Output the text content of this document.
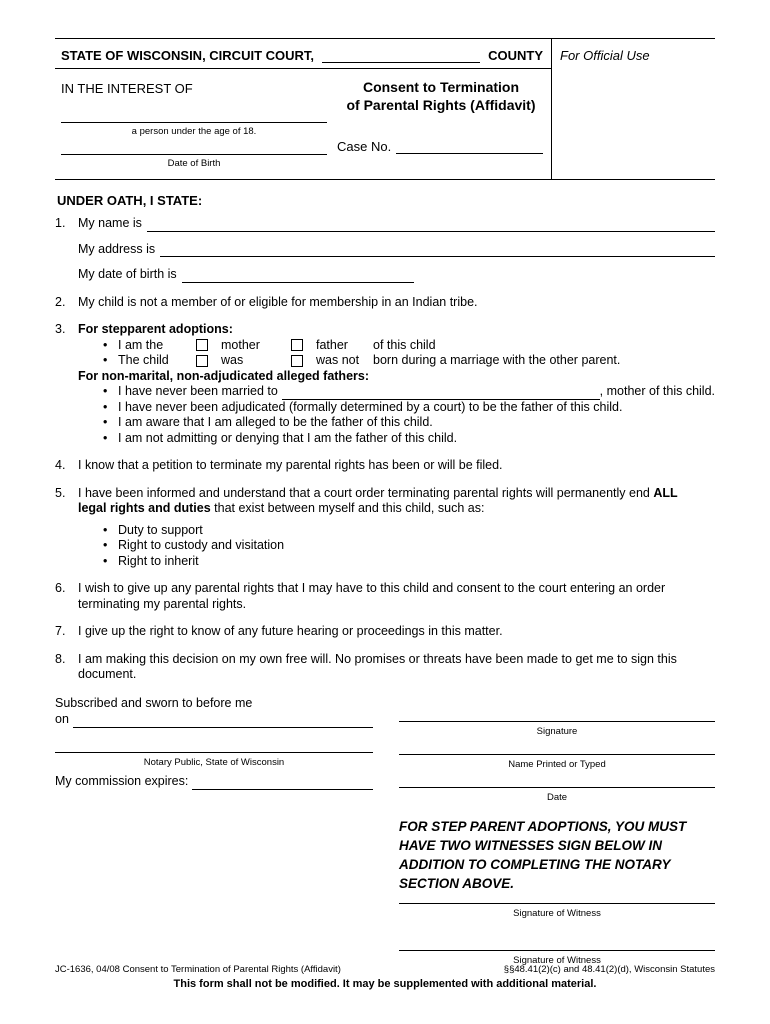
STATE OF WISCONSIN, CIRCUIT COURT,	COUNTY
IN THE INTEREST OF
a person under the age of 18.
Date of Birth
Consent to Termination
of Parental Rights (Affidavit)
Case No.
For Official Use
UNDER OATH, I STATE:
1.	My name is
My address is
My date of birth is
2.	My child is not a member of or eligible for membership in an Indian tribe.
3.	For stepparent adoptions:
• I am the	mother	father	of this child
• The child	was	was not	born during a marriage with the other parent.
For non-marital, non-adjudicated alleged fathers:
• I have never been married to	, mother of this child.
• I have never been adjudicated (formally determined by a court) to be the father of this child.
• I am aware that I am alleged to be the father of this child.
• I am not admitting or denying that I am the father of this child.
4.	I know that a petition to terminate my parental rights has been or will be filed.
5.	I have been informed and understand that a court order terminating parental rights will permanently end ALL
legal rights and duties that exist between myself and this child, such as:
• Duty to support
• Right to custody and visitation
• Right to inherit
6.	I wish to give up any parental rights that I may have to this child and consent to the court entering an order terminating my parental rights.
7.	I give up the right to know of any future hearing or proceedings in this matter.
8.	I am making this decision on my own free will. No promises or threats have been made to get me to sign this document.
Subscribed and sworn to before me
on
Notary Public, State of Wisconsin
My commission expires:
Signature
Name Printed or Typed
Date
FOR STEP PARENT ADOPTIONS, YOU MUST HAVE TWO WITNESSES SIGN BELOW IN ADDITION TO COMPLETING THE NOTARY SECTION ABOVE.
Signature of Witness
Signature of Witness
JC-1636, 04/08 Consent to Termination of Parental Rights (Affidavit)	§§48.41(2)(c) and 48.41(2)(d), Wisconsin Statutes
This form shall not be modified. It may be supplemented with additional material.
